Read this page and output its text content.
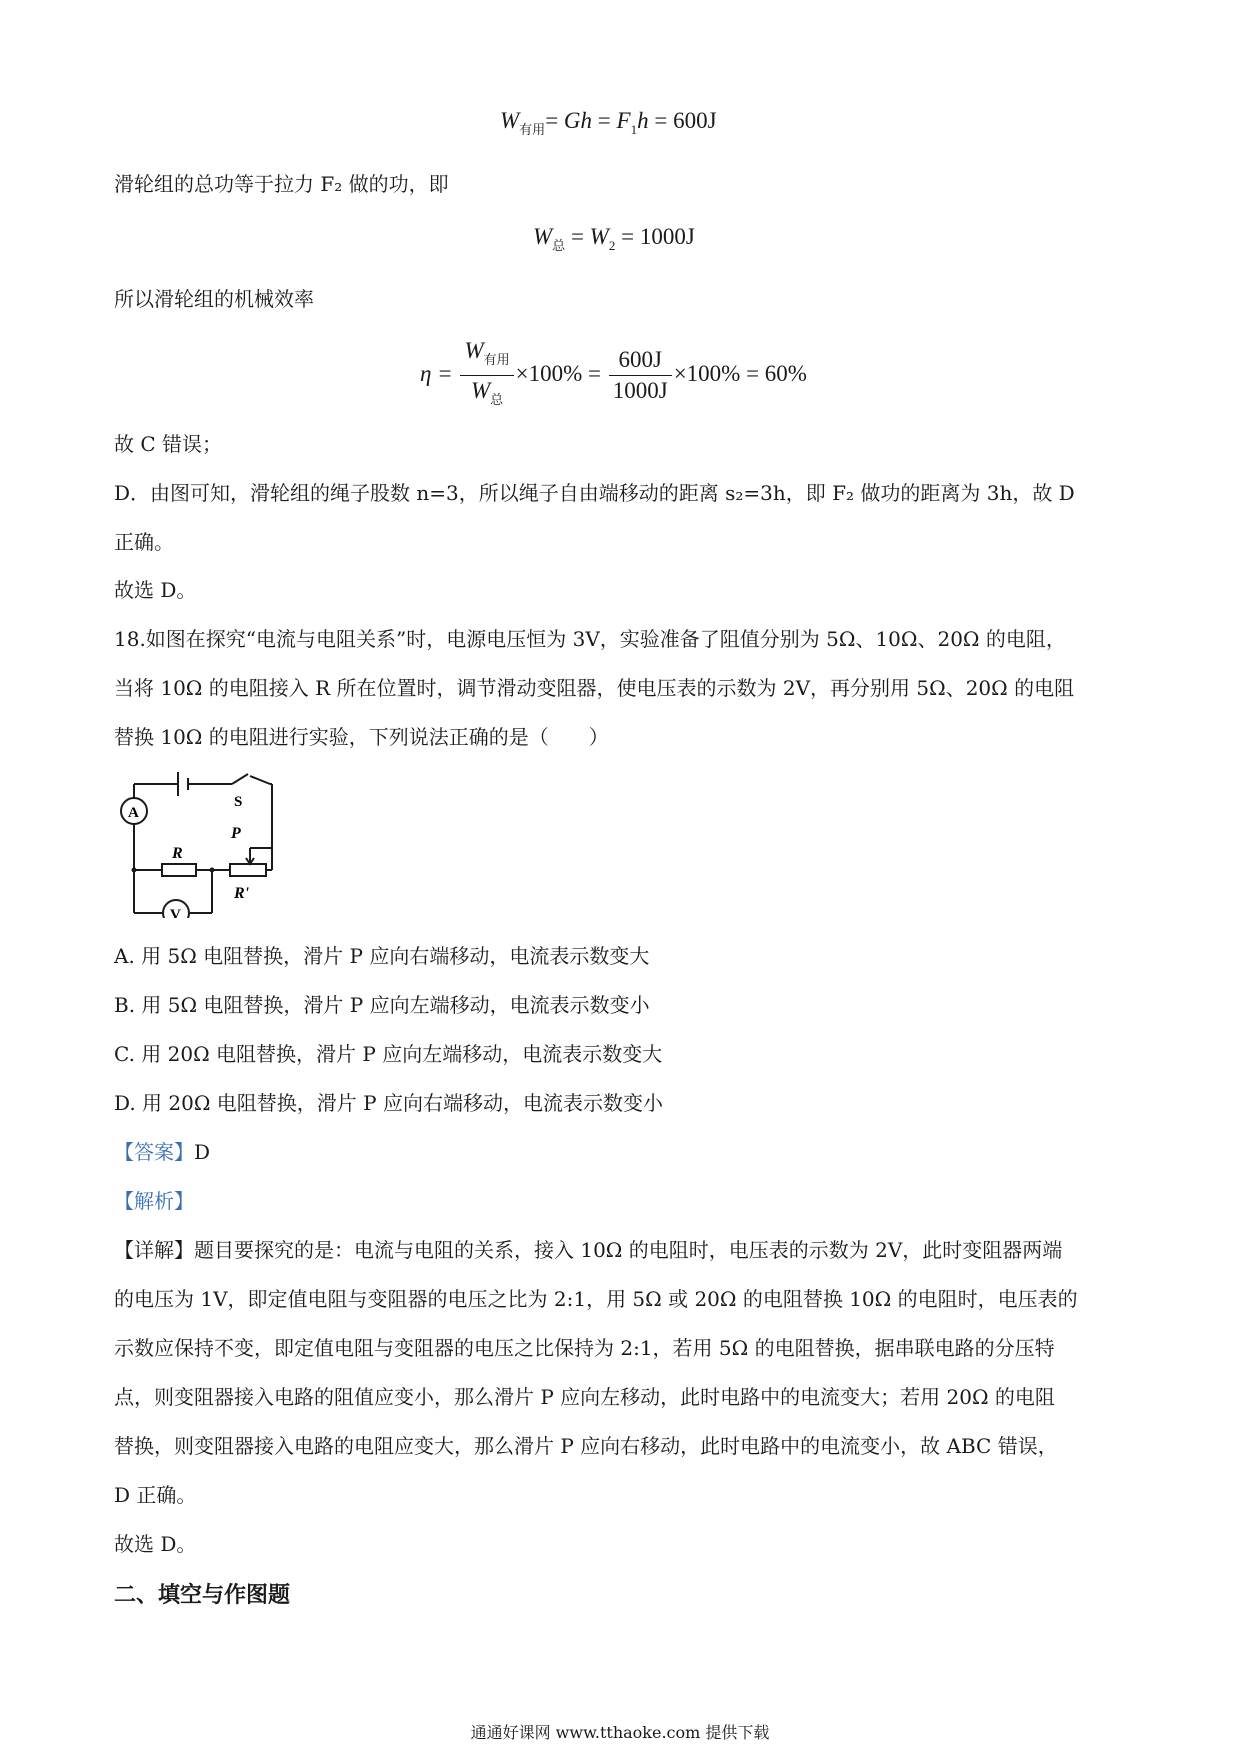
$W_{有用}= Gh = F_1h = 600J$
滑轮组的总功等于拉力 F₂ 做的功，即
$W_总 = W_2 = 1000J$
所以滑轮组的机械效率
$\eta = \frac{W_{有用}}{W_总} \times 100\% = \frac{600J}{1000J} \times 100\% = 60\%$
故 C 错误；
D．由图可知，滑轮组的绳子股数 n=3，所以绳子自由端移动的距离 s₂=3h，即 F₂ 做功的距离为 3h，故 D
正确。
故选 D。
18.如图在探究“电流与电阻关系”时，电源电压恒为 3V，实验准备了阻值分别为 5Ω、10Ω、20Ω 的电阻，
当将 10Ω 的电阻接入 R 所在位置时，调节滑动变阻器，使电压表的示数为 2V，再分别用 5Ω、20Ω 的电阻
替换 10Ω 的电阻进行实验，下列说法正确的是（　　）
A
V
S
R
P
R'
A. 用 5Ω 电阻替换，滑片 P 应向右端移动，电流表示数变大
B. 用 5Ω 电阻替换，滑片 P 应向左端移动，电流表示数变小
C. 用 20Ω 电阻替换，滑片 P 应向左端移动，电流表示数变大
D. 用 20Ω 电阻替换，滑片 P 应向右端移动，电流表示数变小
【答案】D
【解析】
【详解】题目要探究的是：电流与电阻的关系，接入 10Ω 的电阻时，电压表的示数为 2V，此时变阻器两端
的电压为 1V，即定值电阻与变阻器的电压之比为 2:1，用 5Ω 或 20Ω 的电阻替换 10Ω 的电阻时，电压表的
示数应保持不变，即定值电阻与变阻器的电压之比保持为 2:1，若用 5Ω 的电阻替换，据串联电路的分压特
点，则变阻器接入电路的阻值应变小，那么滑片 P 应向左移动，此时电路中的电流变大；若用 20Ω 的电阻
替换，则变阻器接入电路的电阻应变大，那么滑片 P 应向右移动，此时电路中的电流变小，故 ABC 错误，
D 正确。
故选 D。
二、填空与作图题
通通好课网 www.tthaoke.com 提供下载
